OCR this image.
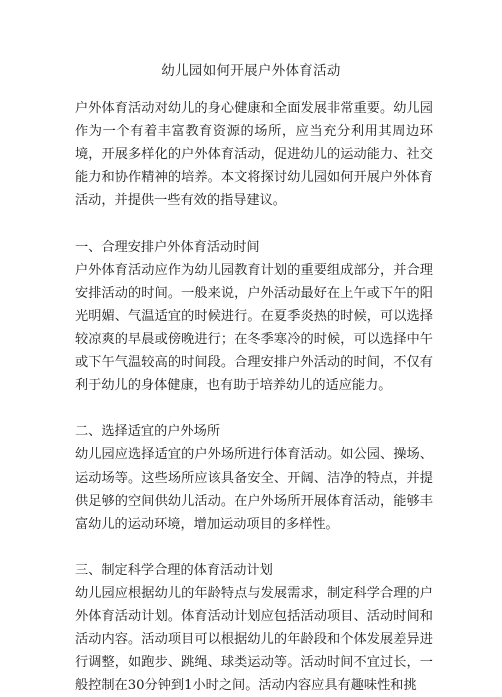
幼儿园如何开展户外体育活动

户外体育活动对幼儿的身心健康和全面发展非常重要。幼儿园作为一个有着丰富教育资源的场所，应当充分利用其周边环境，开展多样化的户外体育活动，促进幼儿的运动能力、社交能力和协作精神的培养。本文将探讨幼儿园如何开展户外体育活动，并提供一些有效的指导建议。

一、合理安排户外体育活动时间

户外体育活动应作为幼儿园教育计划的重要组成部分，并合理安排活动的时间。一般来说，户外活动最好在上午或下午的阳光明媚、气温适宜的时候进行。在夏季炎热的时候，可以选择较凉爽的早晨或傍晚进行；在冬季寒冷的时候，可以选择中午或下午气温较高的时间段。合理安排户外活动的时间，不仅有利于幼儿的身体健康，也有助于培养幼儿的适应能力。

二、选择适宜的户外场所

幼儿园应选择适宜的户外场所进行体育活动。如公园、操场、运动场等。这些场所应该具备安全、开阔、洁净的特点，并提供足够的空间供幼儿活动。在户外场所开展体育活动，能够丰富幼儿的运动环境，增加运动项目的多样性。

三、制定科学合理的体育活动计划

幼儿园应根据幼儿的年龄特点与发展需求，制定科学合理的户外体育活动计划。体育活动计划应包括活动项目、活动时间和活动内容。活动项目可以根据幼儿的年龄段和个体发展差异进行调整，如跑步、跳绳、球类运动等。活动时间不宜过长，一般控制在30分钟到1小时之间。活动内容应具有趣味性和挑
